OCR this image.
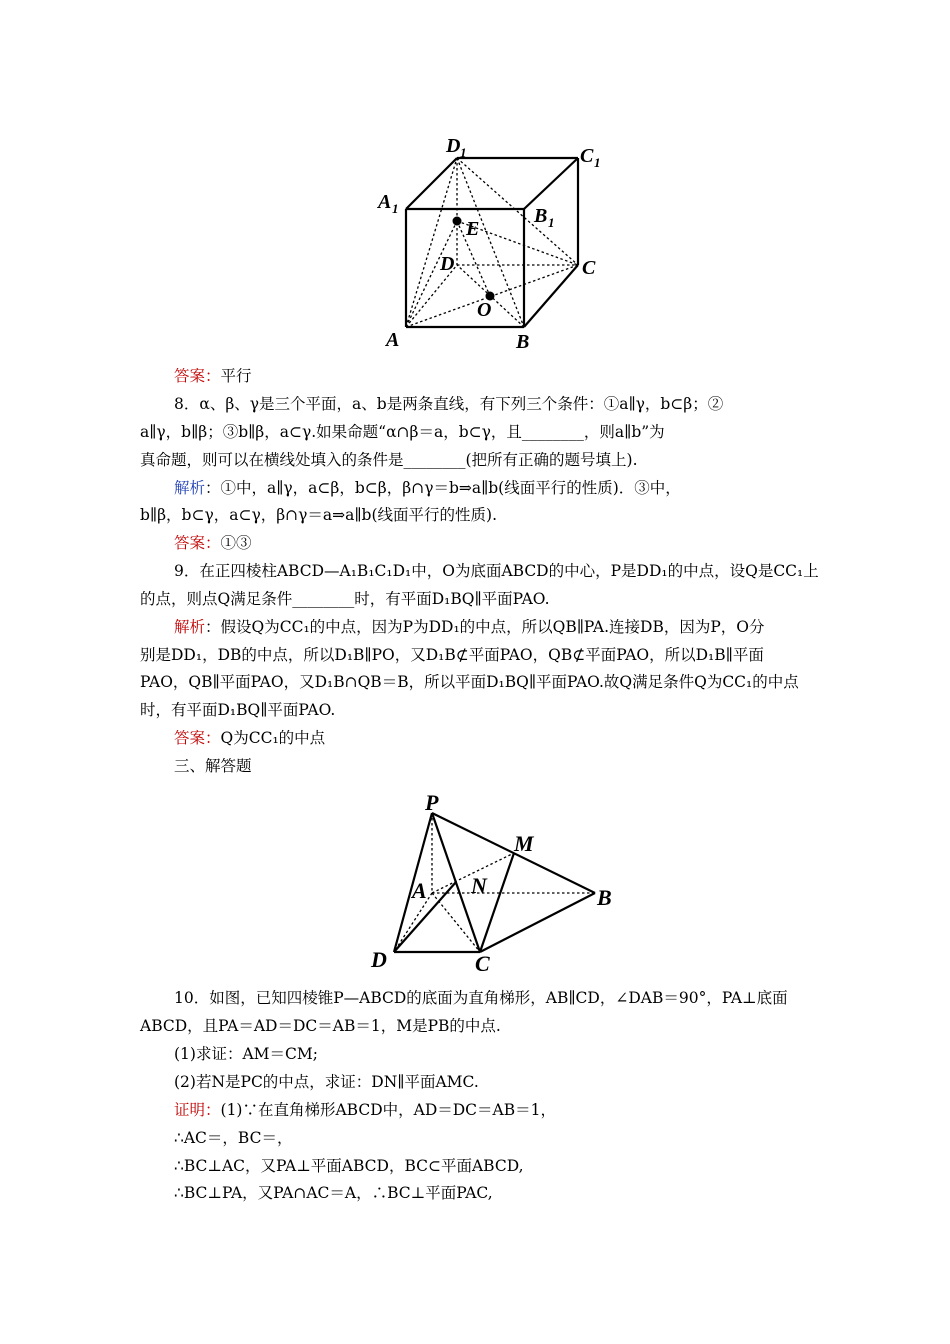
D 1	C 1
A 1	B 1
E
D	C
O
A	B
答案：平行
8．α、β、γ是三个平面，a、b是两条直线，有下列三个条件：①a∥γ，b⊂β；②
a∥γ，b∥β；③b∥β，a⊂γ.如果命题“α∩β＝a，b⊂γ，且________，则a∥b”为
真命题，则可以在横线处填入的条件是________(把所有正确的题号填上).
解析：①中，a∥γ，a⊂β，b⊂β，β∩γ＝b⇒a∥b(线面平行的性质)．③中，
b∥β，b⊂γ，a⊂γ，β∩γ＝a⇒a∥b(线面平行的性质).
答案：①③
9．在正四棱柱ABCD—A₁B₁C₁D₁中，O为底面ABCD的中心，P是DD₁的中点，设Q是CC₁上
的点，则点Q满足条件________时，有平面D₁BQ∥平面PAO.
解析：假设Q为CC₁的中点，因为P为DD₁的中点，所以QB∥PA.连接DB，因为P，O分
别是DD₁，DB的中点，所以D₁B∥PO，又D₁B⊄平面PAO，QB⊄平面PAO，所以D₁B∥平面
PAO，QB∥平面PAO，又D₁B∩QB＝B，所以平面D₁BQ∥平面PAO.故Q满足条件Q为CC₁的中点
时，有平面D₁BQ∥平面PAO.
答案：Q为CC₁的中点
三、解答题
P
M
A N	B
D	C
10．如图，已知四棱锥P—ABCD的底面为直角梯形，AB∥CD，∠DAB＝90°，PA⊥底面
ABCD，且PA＝AD＝DC＝AB＝1，M是PB的中点.
(1)求证：AM＝CM;
(2)若N是PC的中点，求证：DN∥平面AMC.
证明：(1)∵在直角梯形ABCD中，AD＝DC＝AB＝1，
∴AC＝，BC＝，
∴BC⊥AC，又PA⊥平面ABCD，BC⊂平面ABCD,
∴BC⊥PA，又PA∩AC＝A，∴BC⊥平面PAC,
